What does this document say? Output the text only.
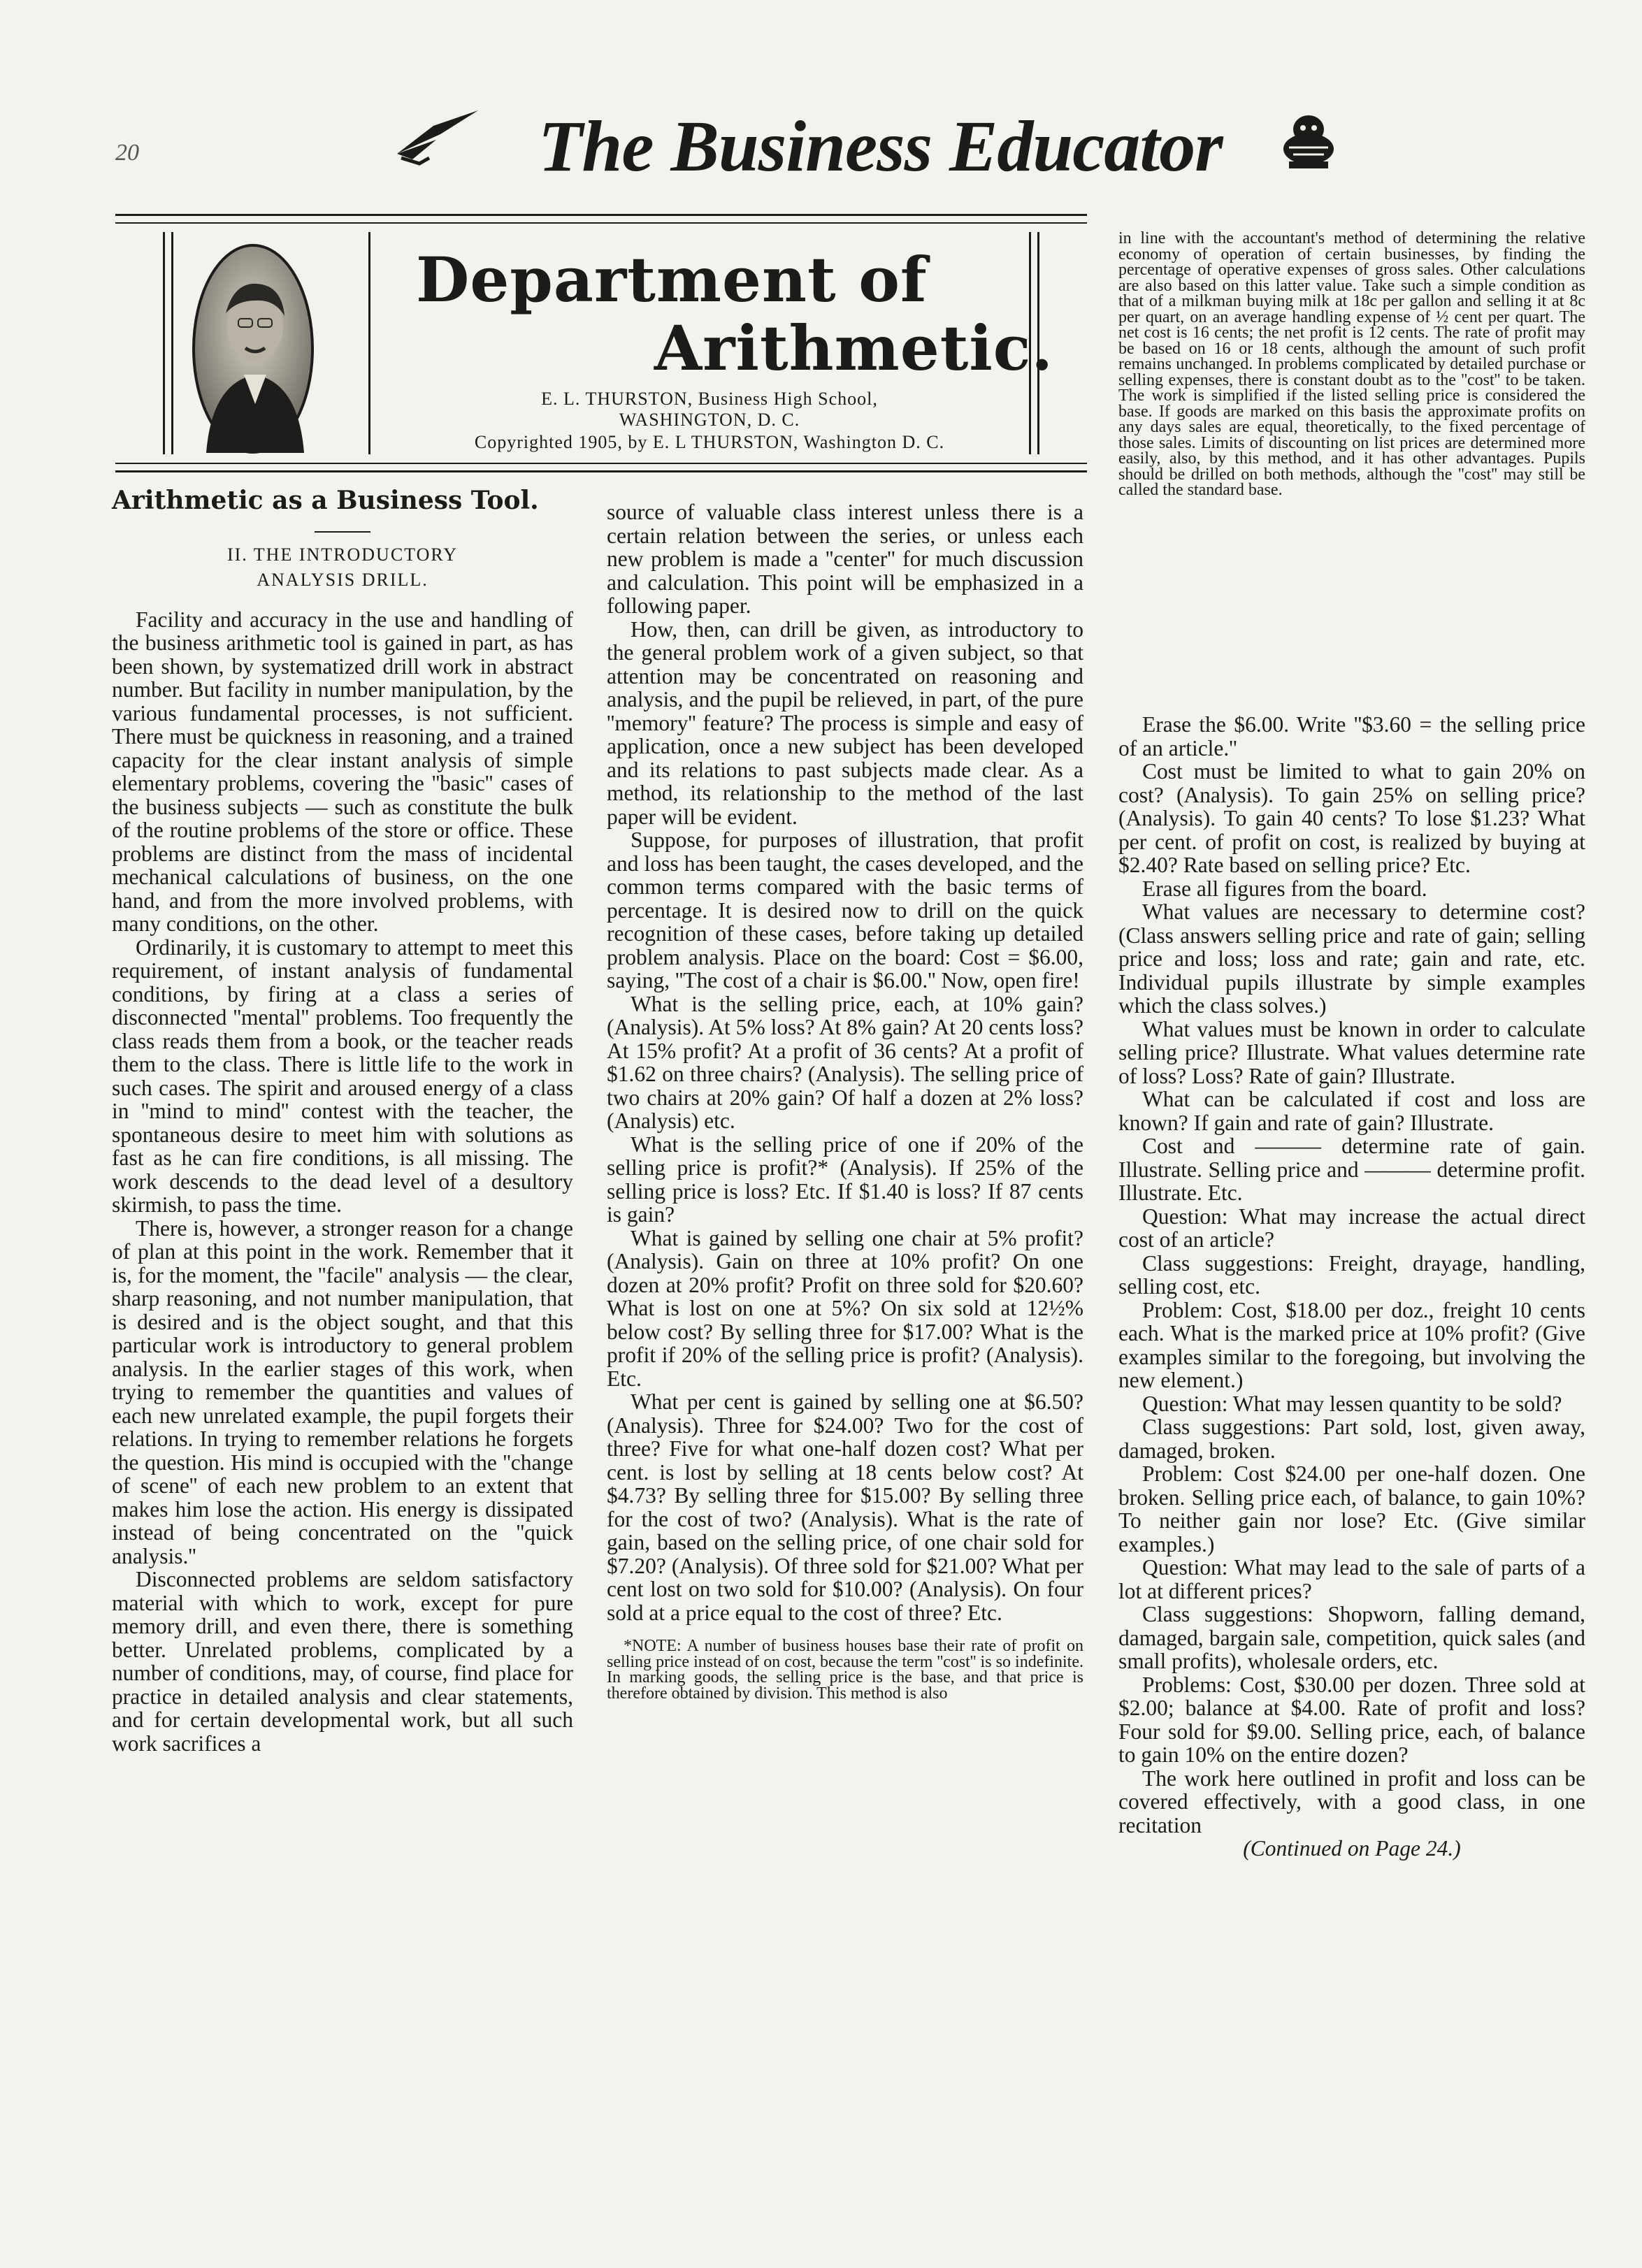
20	The Business Educator
Department of
Arithmetic.
E. L. THURSTON, Business High School,
WASHINGTON, D. C.
Copyrighted 1905, by E. L THURSTON, Washington D. C.
Arithmetic as a Business Tool.
II. THE INTRODUCTORY
ANALYSIS DRILL.

Facility and accuracy in the use and handling of the business arithmetic tool is gained in part, as has been shown, by systematized drill work in abstract number. But facility in number manipulation, by the various fundamental processes, is not sufficient. There must be quickness in reasoning, and a trained capacity for the clear instant analysis of simple elementary problems, covering the ''basic'' cases of the business subjects — such as constitute the bulk of the routine problems of the store or office. These problems are distinct from the mass of incidental mechanical calculations of business, on the one hand, and from the more involved problems, with many conditions, on the other.

Ordinarily, it is customary to attempt to meet this requirement, of instant analysis of fundamental conditions, by firing at a class a series of disconnected ''mental'' problems. Too frequently the class reads them from a book, or the teacher reads them to the class. There is little life to the work in such cases. The spirit and aroused energy of a class in ''mind to mind'' contest with the teacher, the spontaneous desire to meet him with solutions as fast as he can fire conditions, is all missing. The work descends to the dead level of a desultory skirmish, to pass the time.

There is, however, a stronger reason for a change of plan at this point in the work. Remember that it is, for the moment, the ''facile'' analysis — the clear, sharp reasoning, and not number manipulation, that is desired and is the object sought, and that this particular work is introductory to general problem analysis. In the earlier stages of this work, when trying to remember the quantities and values of each new unrelated example, the pupil forgets their relations. In trying to remember relations he forgets the question. His mind is occupied with the ''change of scene'' of each new problem to an extent that makes him lose the action. His energy is dissipated instead of being concentrated on the ''quick analysis.''

Disconnected problems are seldom satisfactory material with which to work, except for pure memory drill, and even there, there is something better. Unrelated problems, complicated by a number of conditions, may, of course, find place for practice in detailed analysis and clear statements, and for certain developmental work, but all such work sacrifices a

source of valuable class interest unless there is a certain relation between the series, or unless each new problem is made a ''center'' for much discussion and calculation. This point will be emphasized in a following paper.

How, then, can drill be given, as introductory to the general problem work of a given subject, so that attention may be concentrated on reasoning and analysis, and the pupil be relieved, in part, of the pure ''memory'' feature? The process is simple and easy of application, once a new subject has been developed and its relations to past subjects made clear. As a method, its relationship to the method of the last paper will be evident.

Suppose, for purposes of illustration, that profit and loss has been taught, the cases developed, and the common terms compared with the basic terms of percentage. It is desired now to drill on the quick recognition of these cases, before taking up detailed problem analysis. Place on the board: Cost = $6.00, saying, ''The cost of a chair is $6.00.'' Now, open fire!

What is the selling price, each, at 10% gain? (Analysis). At 5% loss? At 8% gain? At 20 cents loss? At 15% profit? At a profit of 36 cents? At a profit of $1.62 on three chairs? (Analysis). The selling price of two chairs at 20% gain? Of half a dozen at 2% loss? (Analysis) etc.

What is the selling price of one if 20% of the selling price is profit?* (Analysis). If 25% of the selling price is loss? Etc. If $1.40 is loss? If 87 cents is gain?

What is gained by selling one chair at 5% profit? (Analysis). Gain on three at 10% profit? On one dozen at 20% profit? Profit on three sold for $20.60? What is lost on one at 5%? On six sold at 12½% below cost? By selling three for $17.00? What is the profit if 20% of the selling price is profit? (Analysis). Etc.

What per cent is gained by selling one at $6.50? (Analysis). Three for $24.00? Two for the cost of three? Five for what one-half dozen cost? What per cent. is lost by selling at 18 cents below cost? At $4.73? By selling three for $15.00? By selling three for the cost of two? (Analysis). What is the rate of gain, based on the selling price, of one chair sold for $7.20? (Analysis). Of three sold for $21.00? What per cent lost on two sold for $10.00? (Analysis). On four sold at a price equal to the cost of three? Etc.

*NOTE: A number of business houses base their rate of profit on selling price instead of on cost, because the term ''cost'' is so indefinite. In marking goods, the selling price is the base, and that price is therefore obtained by division. This method is also

in line with the accountant's method of determining the relative economy of operation of certain businesses, by finding the percentage of operative expenses of gross sales. Other calculations are also based on this latter value. Take such a simple condition as that of a milkman buying milk at 18c per gallon and selling it at 8c per quart, on an average handling expense of ½ cent per quart. The net cost is 16 cents; the net profit is 12 cents. The rate of profit may be based on 16 or 18 cents, although the amount of such profit remains unchanged. In problems complicated by detailed purchase or selling expenses, there is constant doubt as to the ''cost'' to be taken. The work is simplified if the listed selling price is considered the base. If goods are marked on this basis the approximate profits on any days sales are equal, theoretically, to the fixed percentage of those sales. Limits of discounting on list prices are determined more easily, also, by this method, and it has other advantages. Pupils should be drilled on both methods, although the ''cost'' may still be called the standard base.

Erase the $6.00. Write ''$3.60 = the selling price of an article.''

Cost must be limited to what to gain 20% on cost? (Analysis). To gain 25% on selling price? (Analysis). To gain 40 cents? To lose $1.23? What per cent. of profit on cost, is realized by buying at $2.40? Rate based on selling price? Etc.

Erase all figures from the board.

What values are necessary to determine cost? (Class answers selling price and rate of gain; selling price and loss; loss and rate; gain and rate, etc. Individual pupils illustrate by simple examples which the class solves.)

What values must be known in order to calculate selling price? Illustrate. What values determine rate of loss? Loss? Rate of gain? Illustrate.

What can be calculated if cost and loss are known? If gain and rate of gain? Illustrate.

Cost and ——— determine rate of gain. Illustrate. Selling price and ——— determine profit. Illustrate. Etc.

Question: What may increase the actual direct cost of an article?

Class suggestions: Freight, drayage, handling, selling cost, etc.

Problem: Cost, $18.00 per doz., freight 10 cents each. What is the marked price at 10% profit? (Give examples similar to the foregoing, but involving the new element.)

Question: What may lessen quantity to be sold?

Class suggestions: Part sold, lost, given away, damaged, broken.

Problem: Cost $24.00 per one-half dozen. One broken. Selling price each, of balance, to gain 10%? To neither gain nor lose? Etc. (Give similar examples.)

Question: What may lead to the sale of parts of a lot at different prices?

Class suggestions: Shopworn, falling demand, damaged, bargain sale, competition, quick sales (and small profits), wholesale orders, etc.

Problems: Cost, $30.00 per dozen. Three sold at $2.00; balance at $4.00. Rate of profit and loss? Four sold for $9.00. Selling price, each, of balance to gain 10% on the entire dozen?

The work here outlined in profit and loss can be covered effectively, with a good class, in one recitation

(Continued on Page 24.)
